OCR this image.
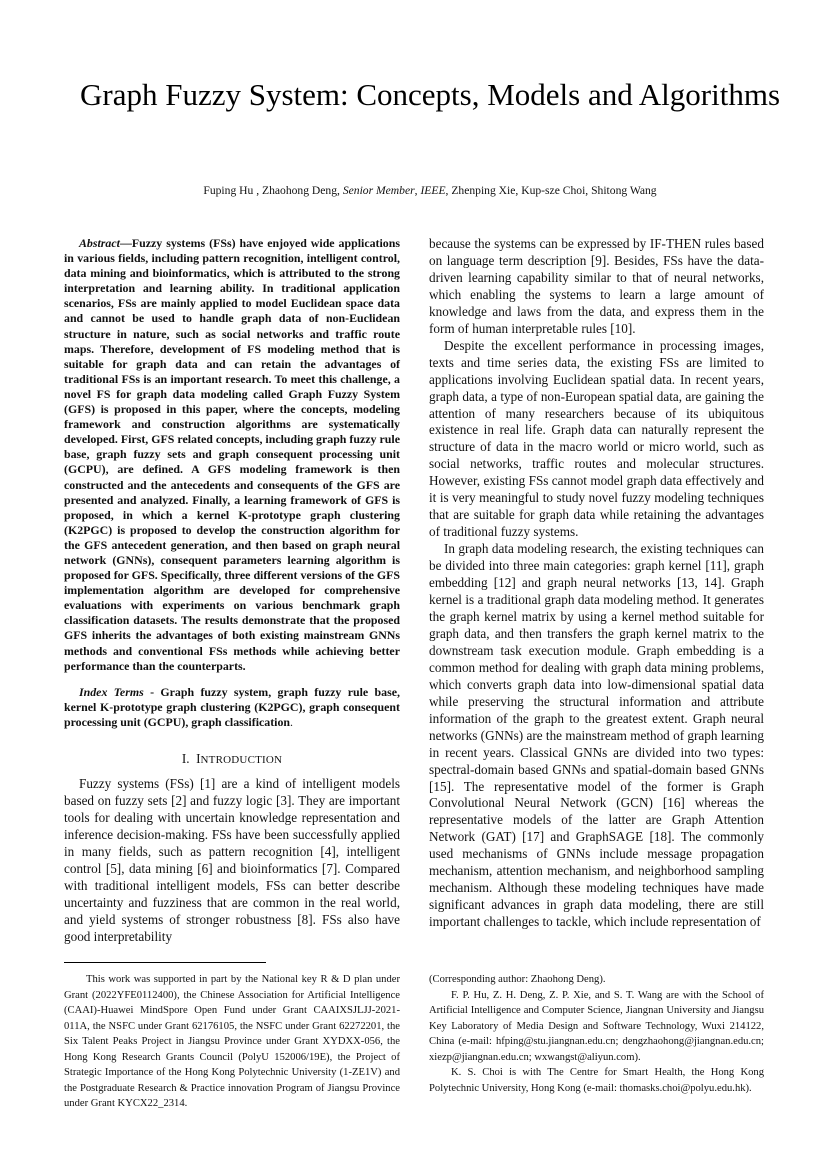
Graph Fuzzy System: Concepts, Models and Algorithms
Fuping Hu , Zhaohong Deng, Senior Member, IEEE, Zhenping Xie, Kup-sze Choi, Shitong Wang

Abstract—Fuzzy systems (FSs) have enjoyed wide applications in various fields, including pattern recognition, intelligent control, data mining and bioinformatics, which is attributed to the strong interpretation and learning ability. In traditional application scenarios, FSs are mainly applied to model Euclidean space data and cannot be used to handle graph data of non-Euclidean structure in nature, such as social networks and traffic route maps. Therefore, development of FS modeling method that is suitable for graph data and can retain the advantages of traditional FSs is an important research. To meet this challenge, a novel FS for graph data modeling called Graph Fuzzy System (GFS) is proposed in this paper, where the concepts, modeling framework and construction algorithms are systematically developed. First, GFS related concepts, including graph fuzzy rule base, graph fuzzy sets and graph consequent processing unit (GCPU), are defined. A GFS modeling framework is then constructed and the antecedents and consequents of the GFS are presented and analyzed. Finally, a learning framework of GFS is proposed, in which a kernel K-prototype graph clustering (K2PGC) is proposed to develop the construction algorithm for the GFS antecedent generation, and then based on graph neural network (GNNs), consequent parameters learning algorithm is proposed for GFS. Specifically, three different versions of the GFS implementation algorithm are developed for comprehensive evaluations with experiments on various benchmark graph classification datasets. The results demonstrate that the proposed GFS inherits the advantages of both existing mainstream GNNs methods and conventional FSs methods while achieving better performance than the counterparts.

Index Terms - Graph fuzzy system, graph fuzzy rule base, kernel K-prototype graph clustering (K2PGC), graph consequent processing unit (GCPU), graph classification.

I. INTRODUCTION

Fuzzy systems (FSs) [1] are a kind of intelligent models based on fuzzy sets [2] and fuzzy logic [3]. They are important tools for dealing with uncertain knowledge representation and inference decision-making. FSs have been successfully applied in many fields, such as pattern recognition [4], intelligent control [5], data mining [6] and bioinformatics [7]. Compared with traditional intelligent models, FSs can better describe uncertainty and fuzziness that are common in the real world, and yield systems of stronger robustness [8]. FSs also have good interpretability

because the systems can be expressed by IF-THEN rules based on language term description [9]. Besides, FSs have the data-driven learning capability similar to that of neural networks, which enabling the systems to learn a large amount of knowledge and laws from the data, and express them in the form of human interpretable rules [10].

Despite the excellent performance in processing images, texts and time series data, the existing FSs are limited to applications involving Euclidean spatial data. In recent years, graph data, a type of non-European spatial data, are gaining the attention of many researchers because of its ubiquitous existence in real life. Graph data can naturally represent the structure of data in the macro world or micro world, such as social networks, traffic routes and molecular structures. However, existing FSs cannot model graph data effectively and it is very meaningful to study novel fuzzy modeling techniques that are suitable for graph data while retaining the advantages of traditional fuzzy systems.

In graph data modeling research, the existing techniques can be divided into three main categories: graph kernel [11], graph embedding [12] and graph neural networks [13, 14]. Graph kernel is a traditional graph data modeling method. It generates the graph kernel matrix by using a kernel method suitable for graph data, and then transfers the graph kernel matrix to the downstream task execution module. Graph embedding is a common method for dealing with graph data mining problems, which converts graph data into low-dimensional spatial data while preserving the structural information and attribute information of the graph to the greatest extent. Graph neural networks (GNNs) are the mainstream method of graph learning in recent years. Classical GNNs are divided into two types: spectral-domain based GNNs and spatial-domain based GNNs [15]. The representative model of the former is Graph Convolutional Neural Network (GCN) [16] whereas the representative models of the latter are Graph Attention Network (GAT) [17] and GraphSAGE [18]. The commonly used mechanisms of GNNs include message propagation mechanism, attention mechanism, and neighborhood sampling mechanism. Although these modeling techniques have made significant advances in graph data modeling, there are still important challenges to tackle, which include representation of

This work was supported in part by the National key R & D plan under Grant (2022YFE0112400), the Chinese Association for Artificial Intelligence (CAAI)-Huawei MindSpore Open Fund under Grant CAAIXSJLJJ-2021-011A, the NSFC under Grant 62176105, the NSFC under Grant 62272201, the Six Talent Peaks Project in Jiangsu Province under Grant XYDXX-056, the Hong Kong Research Grants Council (PolyU 152006/19E), the Project of Strategic Importance of the Hong Kong Polytechnic University (1-ZE1V) and the Postgraduate Research & Practice innovation Program of Jiangsu Province under Grant KYCX22_2314.

(Corresponding author: Zhaohong Deng).

F. P. Hu, Z. H. Deng, Z. P. Xie, and S. T. Wang are with the School of Artificial Intelligence and Computer Science, Jiangnan University and Jiangsu Key Laboratory of Media Design and Software Technology, Wuxi 214122, China (e-mail: hfping@stu.jiangnan.edu.cn; dengzhaohong@jiangnan.edu.cn; xiezp@jiangnan.edu.cn; wxwangst@aliyun.com).

K. S. Choi is with The Centre for Smart Health, the Hong Kong Polytechnic University, Hong Kong (e-mail: thomasks.choi@polyu.edu.hk).
